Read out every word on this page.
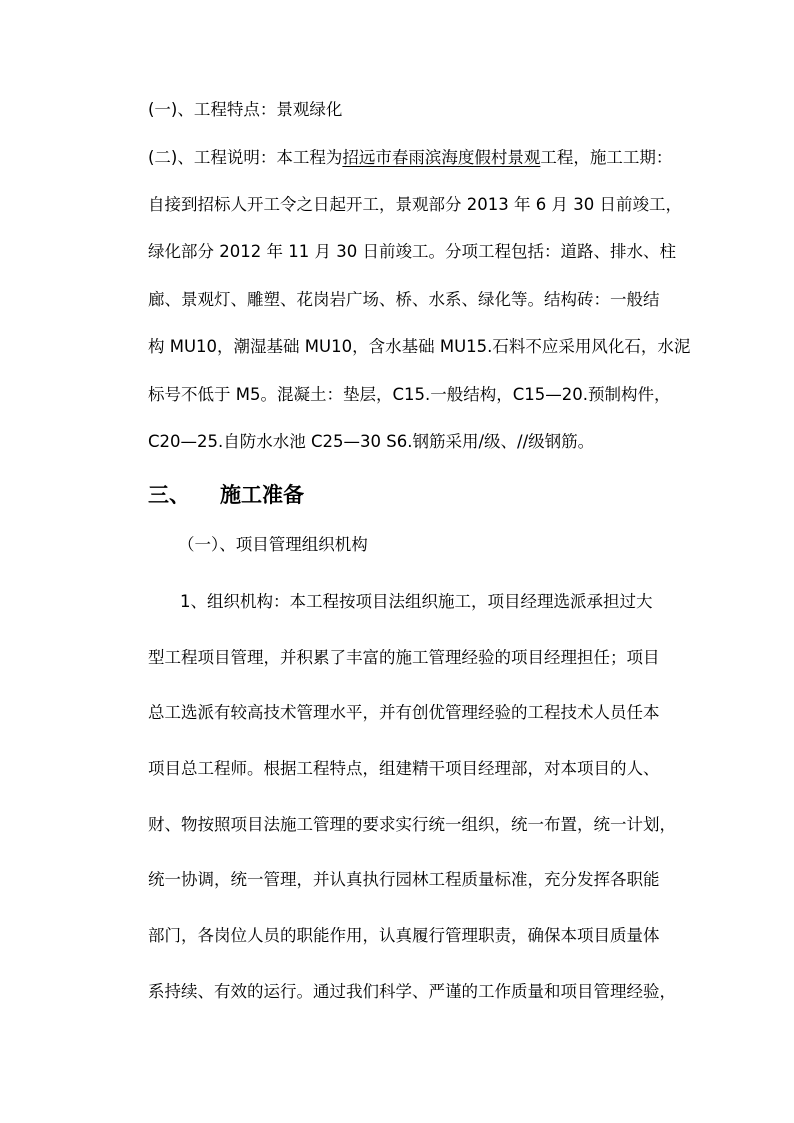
(一)、工程特点：景观绿化
(二)、工程说明：本工程为招远市春雨滨海度假村景观工程，施工工期：
自接到招标人开工令之日起开工，景观部分 2013 年 6 月 30 日前竣工，
绿化部分 2012 年 11 月 30 日前竣工。分项工程包括：道路、排水、柱
廊、景观灯、雕塑、花岗岩广场、桥、水系、绿化等。结构砖：一般结
构 MU10，潮湿基础 MU10，含水基础 MU15.石料不应采用风化石，水泥
标号不低于 M5。混凝土：垫层，C15.一般结构，C15—20.预制构件，
C20—25.自防水水池 C25—30 S6.钢筋采用/级、//级钢筋。
三、 施工准备
（一）、项目管理组织机构
1、组织机构：本工程按项目法组织施工，项目经理选派承担过大
型工程项目管理，并积累了丰富的施工管理经验的项目经理担任；项目
总工选派有较高技术管理水平，并有创优管理经验的工程技术人员任本
项目总工程师。根据工程特点，组建精干项目经理部，对本项目的人、
财、物按照项目法施工管理的要求实行统一组织，统一布置，统一计划，
统一协调，统一管理，并认真执行园林工程质量标准，充分发挥各职能
部门，各岗位人员的职能作用，认真履行管理职责，确保本项目质量体
系持续、有效的运行。通过我们科学、严谨的工作质量和项目管理经验，
